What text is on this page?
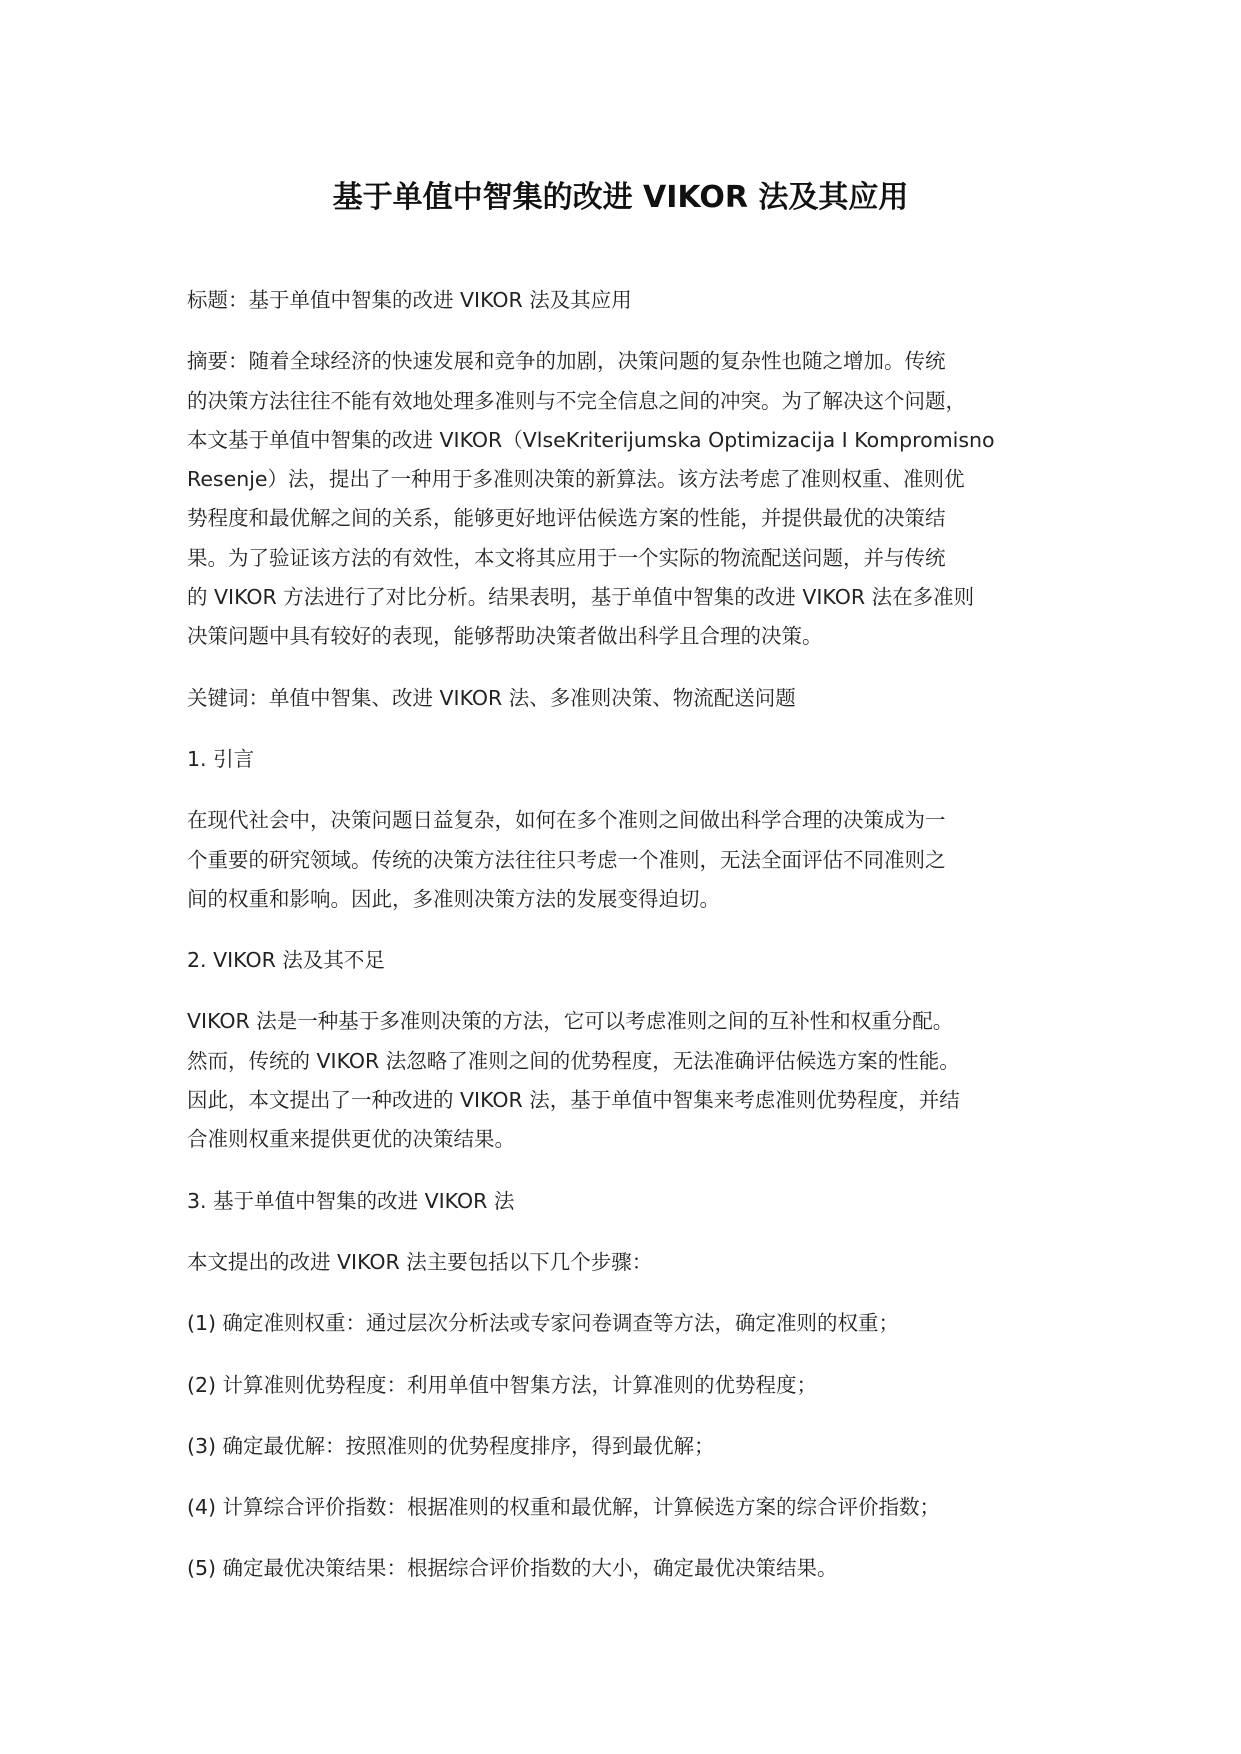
基于单值中智集的改进 VIKOR 法及其应用

标题：基于单值中智集的改进 VIKOR 法及其应用

摘要：随着全球经济的快速发展和竞争的加剧，决策问题的复杂性也随之增加。传统
的决策方法往往不能有效地处理多准则与不完全信息之间的冲突。为了解决这个问题，
本文基于单值中智集的改进 VIKOR（VlseKriterijumska Optimizacija I Kompromisno
Resenje）法，提出了一种用于多准则决策的新算法。该方法考虑了准则权重、准则优
势程度和最优解之间的关系，能够更好地评估候选方案的性能，并提供最优的决策结
果。为了验证该方法的有效性，本文将其应用于一个实际的物流配送问题，并与传统
的 VIKOR 方法进行了对比分析。结果表明，基于单值中智集的改进 VIKOR 法在多准则
决策问题中具有较好的表现，能够帮助决策者做出科学且合理的决策。

关键词：单值中智集、改进 VIKOR 法、多准则决策、物流配送问题

1. 引言

在现代社会中，决策问题日益复杂，如何在多个准则之间做出科学合理的决策成为一
个重要的研究领域。传统的决策方法往往只考虑一个准则，无法全面评估不同准则之
间的权重和影响。因此，多准则决策方法的发展变得迫切。

2. VIKOR 法及其不足

VIKOR 法是一种基于多准则决策的方法，它可以考虑准则之间的互补性和权重分配。
然而，传统的 VIKOR 法忽略了准则之间的优势程度，无法准确评估候选方案的性能。
因此，本文提出了一种改进的 VIKOR 法，基于单值中智集来考虑准则优势程度，并结
合准则权重来提供更优的决策结果。

3. 基于单值中智集的改进 VIKOR 法

本文提出的改进 VIKOR 法主要包括以下几个步骤：

(1) 确定准则权重：通过层次分析法或专家问卷调查等方法，确定准则的权重；

(2) 计算准则优势程度：利用单值中智集方法，计算准则的优势程度；

(3) 确定最优解：按照准则的优势程度排序，得到最优解；

(4) 计算综合评价指数：根据准则的权重和最优解，计算候选方案的综合评价指数；

(5) 确定最优决策结果：根据综合评价指数的大小，确定最优决策结果。
